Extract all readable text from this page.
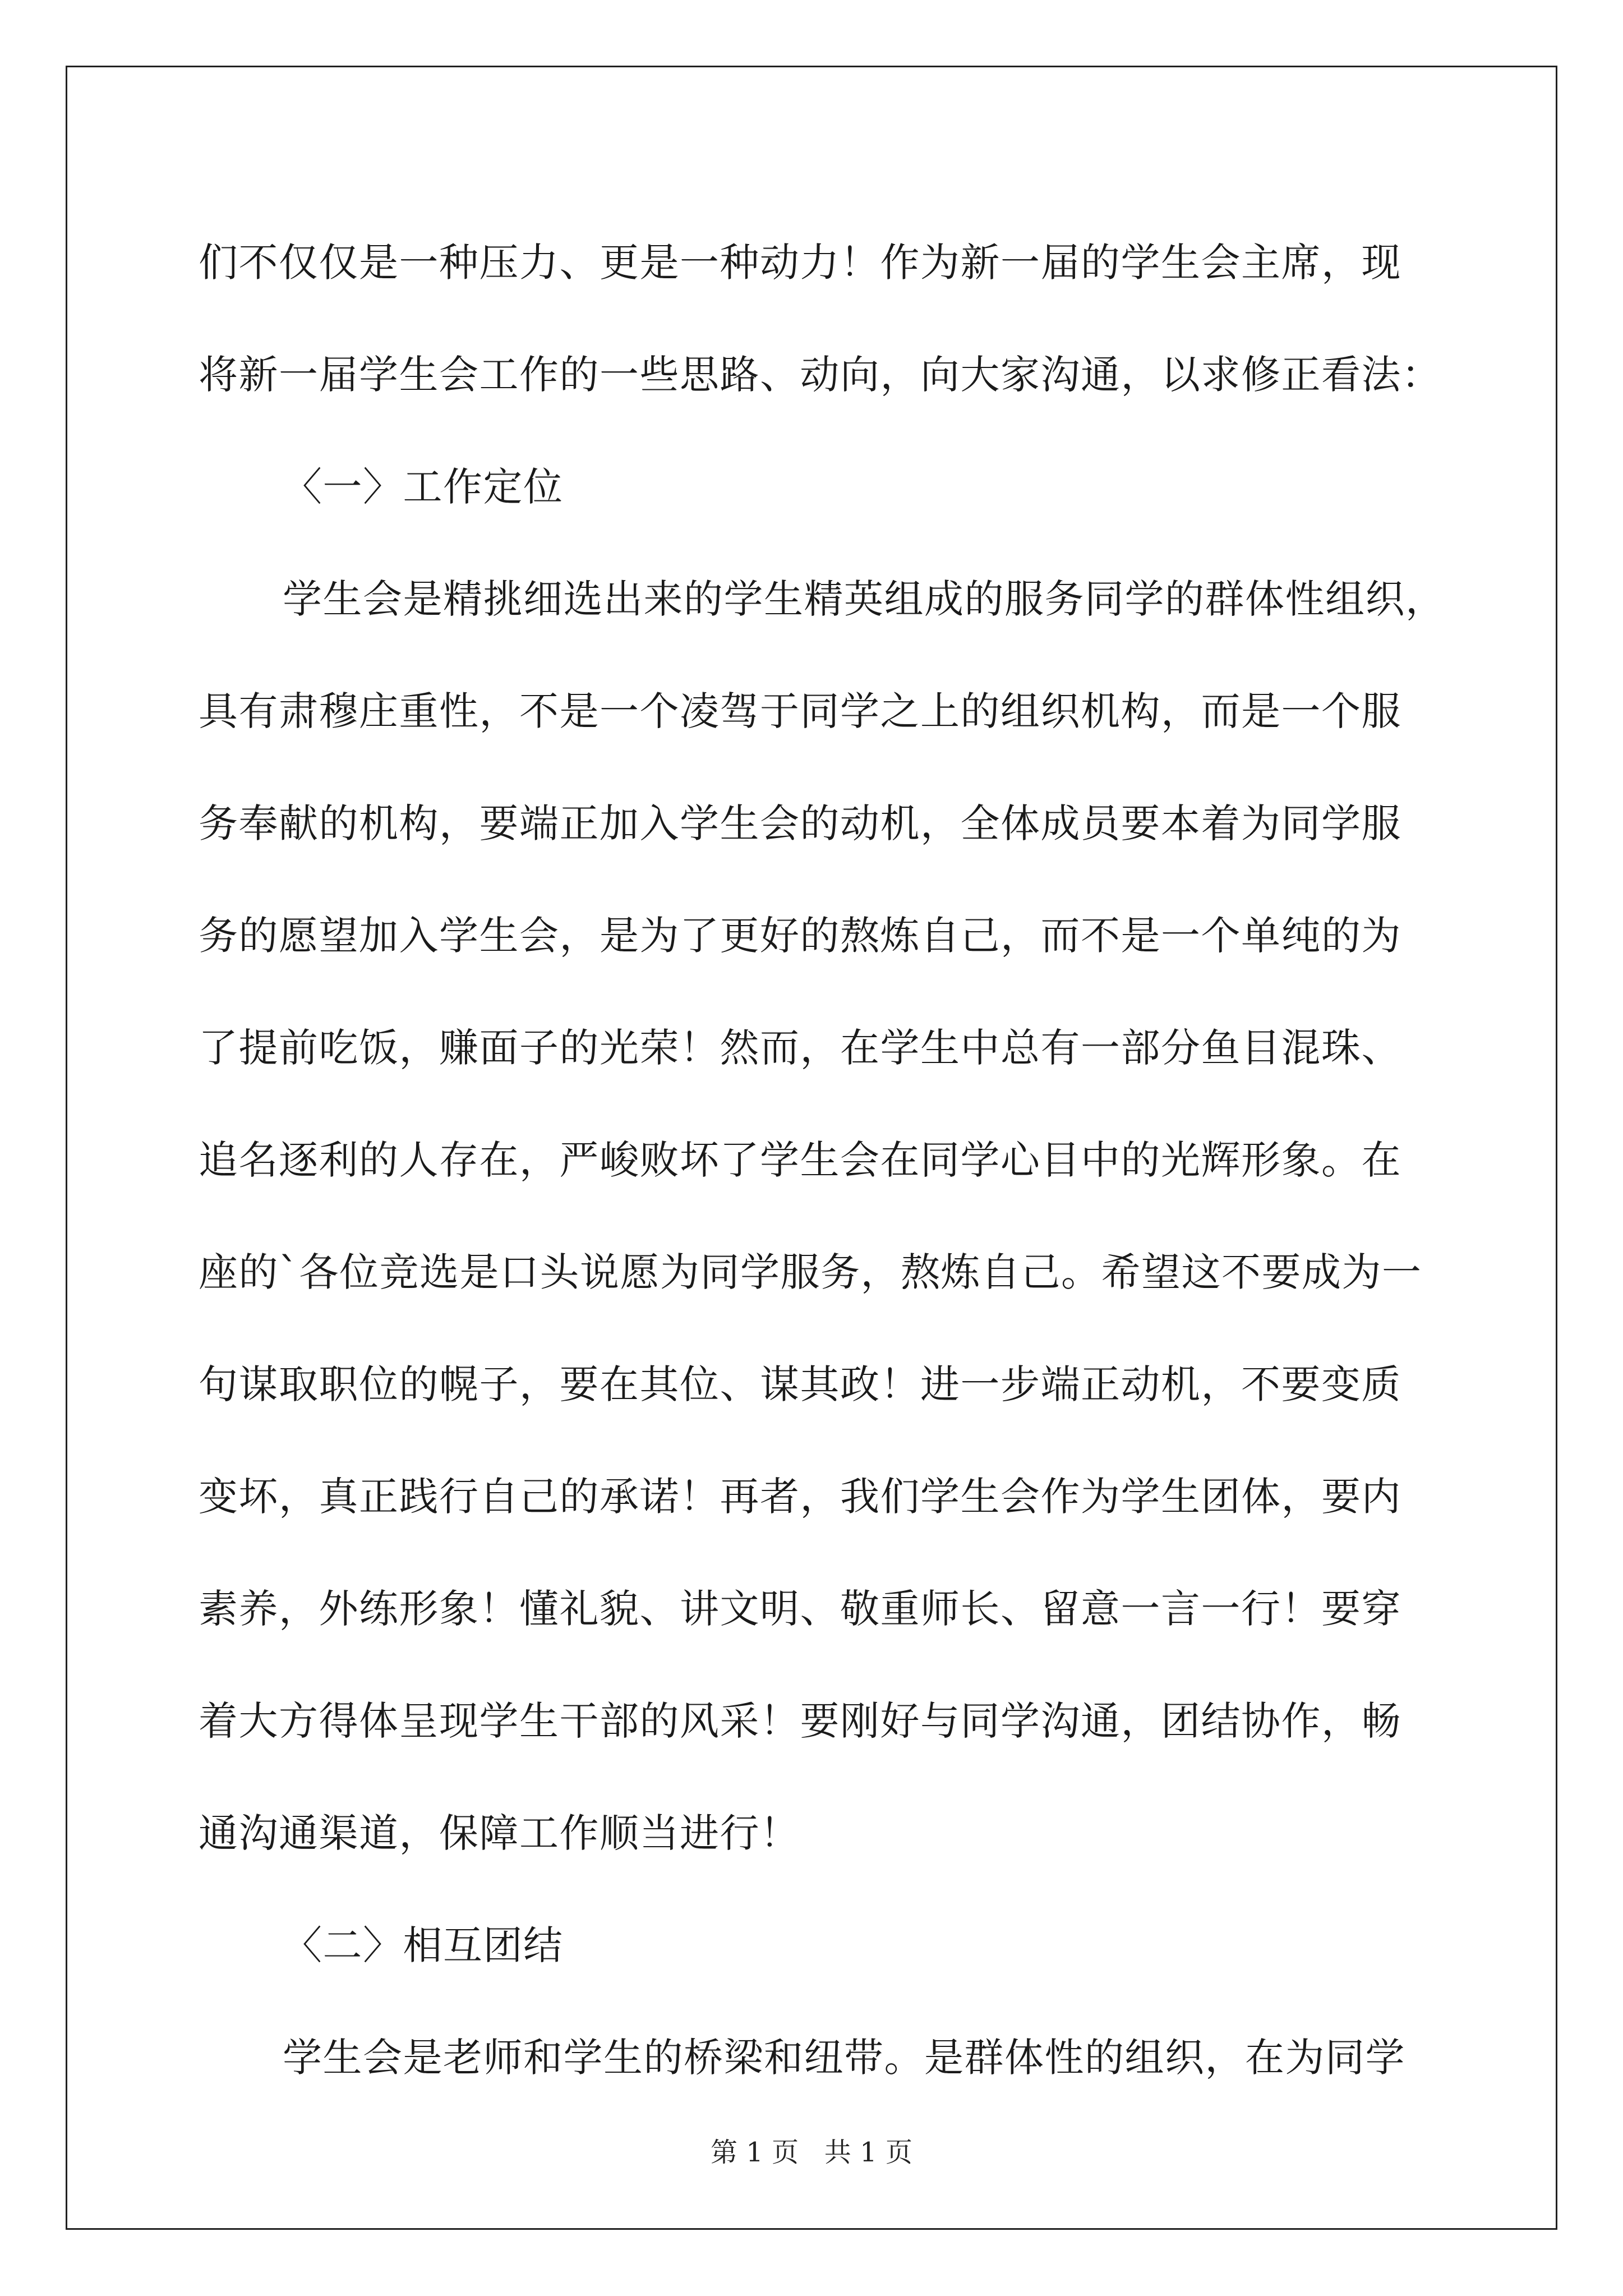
们不仅仅是一种压力、更是一种动力！作为新一届的学生会主席，现
将新一届学生会工作的一些思路、动向，向大家沟通，以求修正看法：
〈一〉工作定位
学生会是精挑细选出来的学生精英组成的服务同学的群体性组织，
具有肃穆庄重性，不是一个凌驾于同学之上的组织机构，而是一个服
务奉献的机构，要端正加入学生会的动机，全体成员要本着为同学服
务的愿望加入学生会，是为了更好的熬炼自己，而不是一个单纯的为
了提前吃饭，赚面子的光荣！然而，在学生中总有一部分鱼目混珠、
追名逐利的人存在，严峻败坏了学生会在同学心目中的光辉形象。在
座的`各位竞选是口头说愿为同学服务，熬炼自己。希望这不要成为一
句谋取职位的幌子，要在其位、谋其政！进一步端正动机，不要变质
变坏，真正践行自己的承诺！再者，我们学生会作为学生团体，要内
素养，外练形象！懂礼貌、讲文明、敬重师长、留意一言一行！要穿
着大方得体呈现学生干部的风采！要刚好与同学沟通，团结协作，畅
通沟通渠道，保障工作顺当进行！
〈二〉相互团结
学生会是老师和学生的桥梁和纽带。是群体性的组织，在为同学
第 1 页 共 1 页
